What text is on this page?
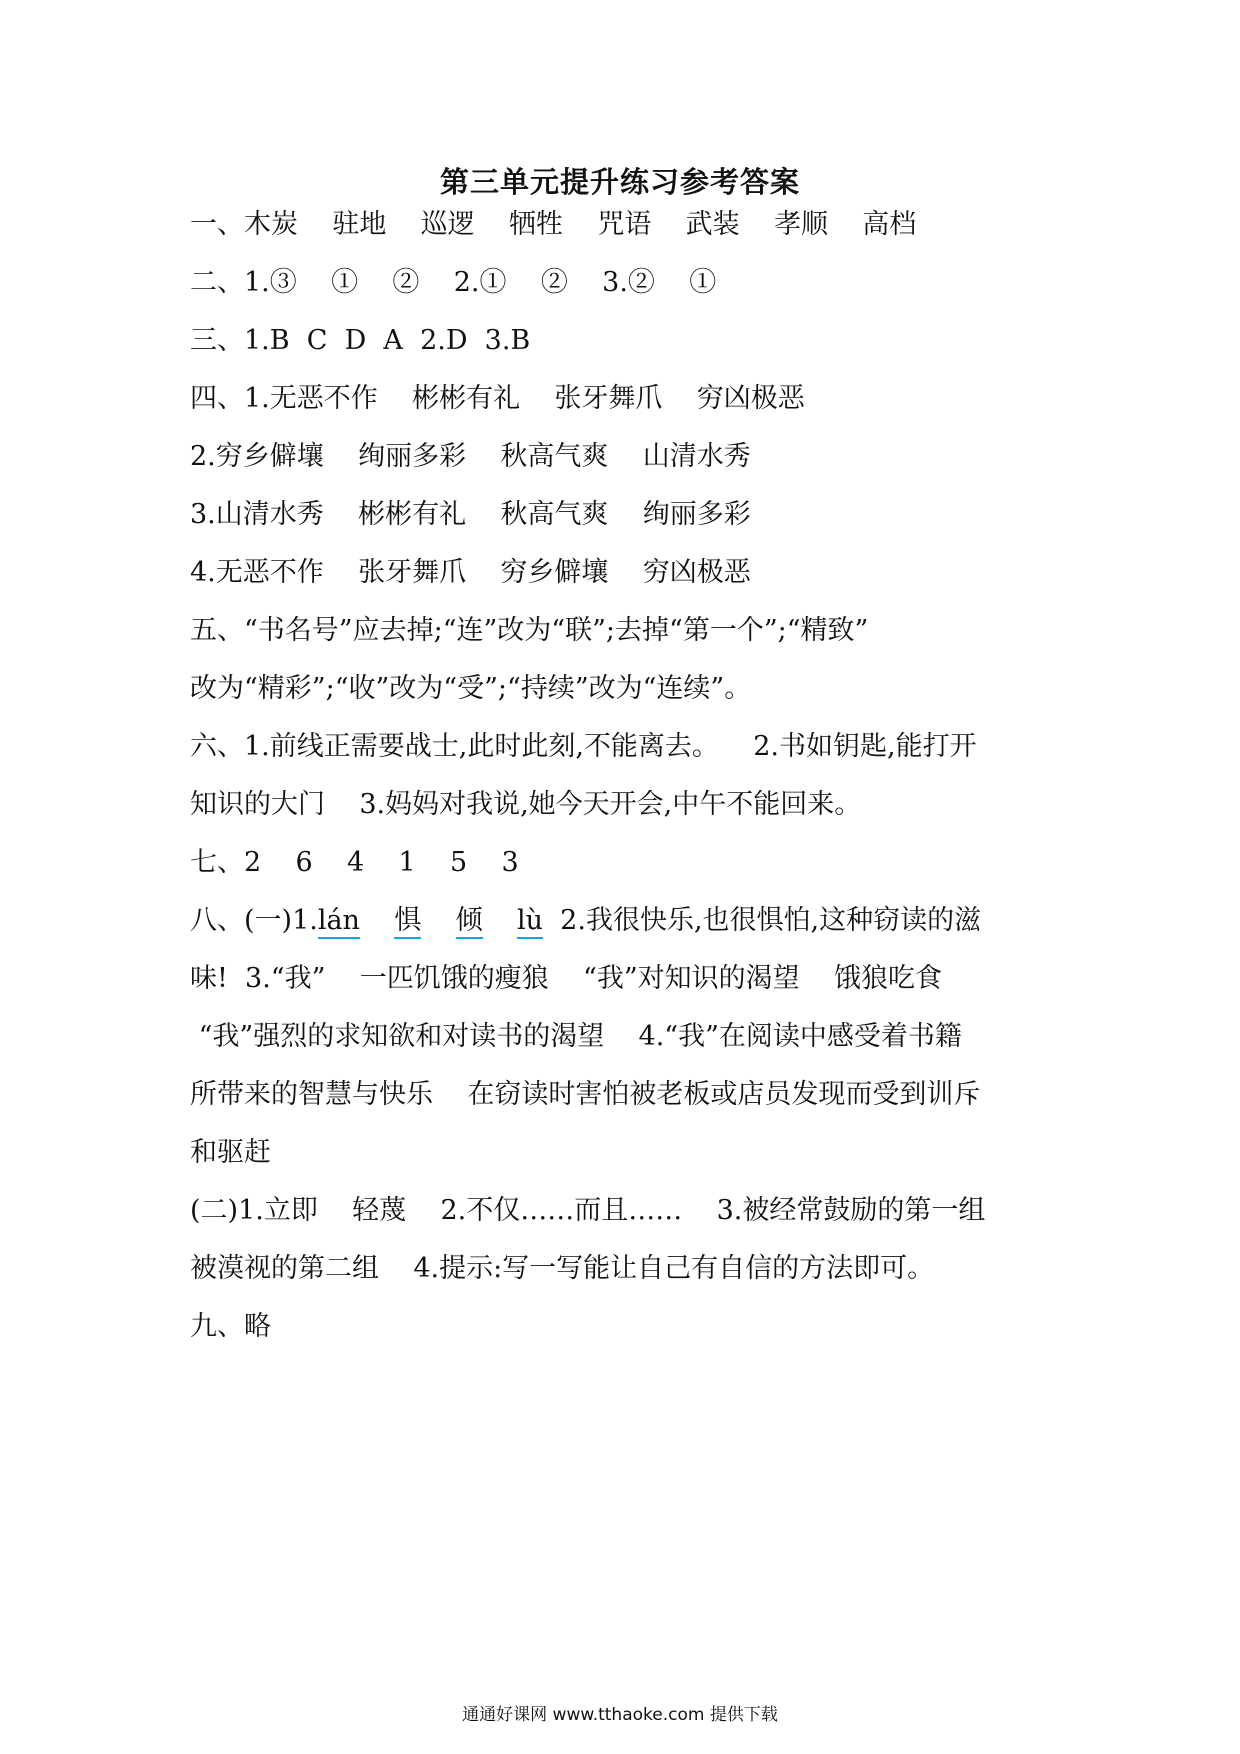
第三单元提升练习参考答案
一、木炭    驻地    巡逻    牺牲    咒语    武装    孝顺    高档
二、1.③    ①    ②    2.①    ②    3.②    ①
三、1.B  C  D  A  2.D  3.B
四、1.无恶不作    彬彬有礼    张牙舞爪    穷凶极恶
2.穷乡僻壤    绚丽多彩    秋高气爽    山清水秀
3.山清水秀    彬彬有礼    秋高气爽    绚丽多彩
4.无恶不作    张牙舞爪    穷乡僻壤    穷凶极恶
五、“书名号”应去掉;“连”改为“联”;去掉“第一个”;“精致”
改为“精彩”;“收”改为“受”;“持续”改为“连续”。
六、1.前线正需要战士,此时此刻,不能离去。    2.书如钥匙,能打开
知识的大门    3.妈妈对我说,她今天开会,中午不能回来。
七、2    6    4    1    5    3
八、(一)1.lán 惧 倾 lù  2.我很快乐,也很惧怕,这种窃读的滋
味!  3.“我”    一匹饥饿的瘦狼    “我”对知识的渴望    饿狼吃食
“我”强烈的求知欲和对读书的渴望    4.“我”在阅读中感受着书籍
所带来的智慧与快乐    在窃读时害怕被老板或店员发现而受到训斥
和驱赶
(二)1.立即    轻蔑    2.不仅……而且……    3.被经常鼓励的第一组
被漠视的第二组    4.提示:写一写能让自己有自信的方法即可。
九、略
通通好课网 www.tthaoke.com 提供下载
